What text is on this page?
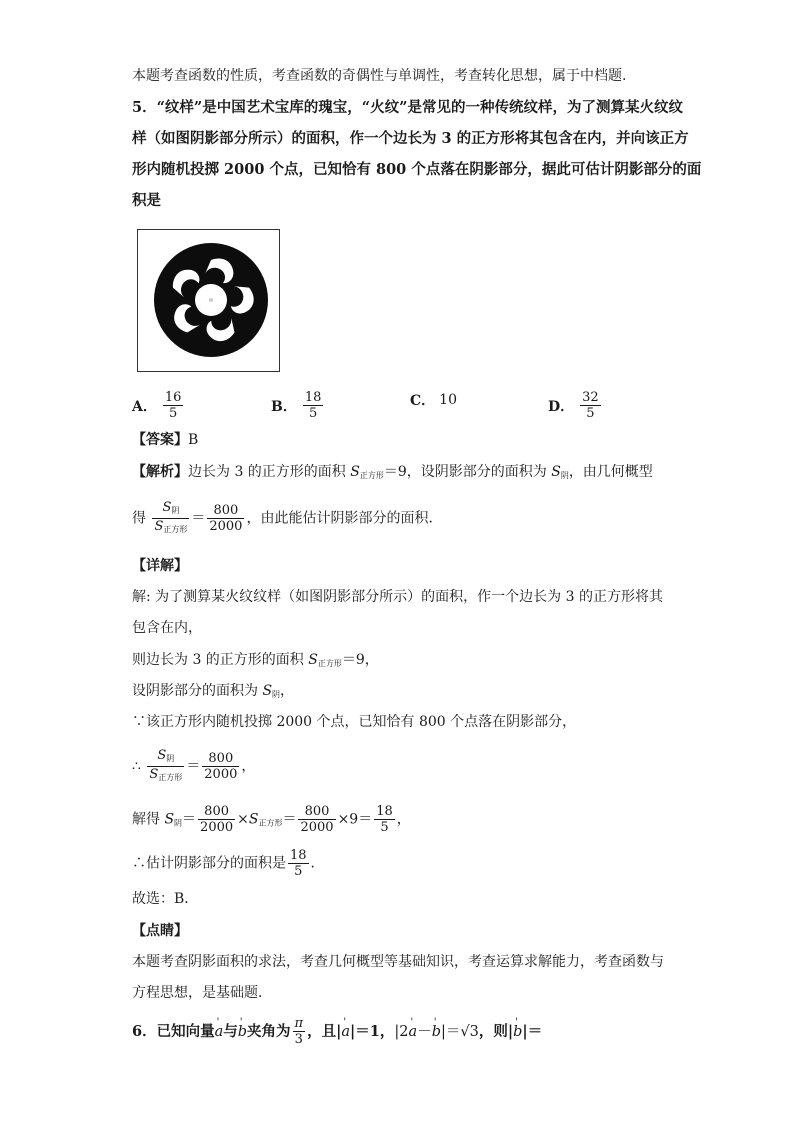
本题考查函数的性质，考查函数的奇偶性与单调性，考查转化思想，属于中档题.
5．“纹样”是中国艺术宝库的瑰宝，“火纹”是常见的一种传统纹样，为了测算某火纹纹
样（如图阴影部分所示）的面积，作一个边长为 3 的正方形将其包含在内，并向该正方
形内随机投掷 2000 个点，已知恰有 800 个点落在阴影部分，据此可估计阴影部分的面
积是
A． $\frac{16}{5}$	B． $\frac{18}{5}$	C． 10	D． $\frac{32}{5}$
【答案】B
【解析】边长为 3 的正方形的面积 $S_{正方形}=9$，设阴影部分的面积为 $S_阴$，由几何概型
得 $\frac{S_阴}{S_{正方形}} = \frac{800}{2000}$ ，由此能估计阴影部分的面积．
【详解】
解: 为了测算某火纹纹样（如图阴影部分所示）的面积，作一个边长为 3 的正方形将其
包含在内，
则边长为 3 的正方形的面积 $S_{正方形}=9$，
设阴影部分的面积为 $S_阴$，
∵该正方形内随机投掷 2000 个点，已知恰有 800 个点落在阴影部分，
∴ $\frac{S_阴}{S_{正方形}} = \frac{800}{2000}$ ，
解得 $S_阴= \frac{800}{2000} \times S_{正方形}= \frac{800}{2000} \times 9= \frac{18}{5}$ ，
∴估计阴影部分的面积是 $\frac{18}{5}$ ．
故选：B．
【点睛】
本题考查阴影面积的求法，考查几何概型等基础知识，考查运算求解能力，考查函数与
方程思想，是基础题．
6．已知向量 ' a 与 ' b 夹角为 $\frac{\pi}{3}$ ，且| ' a |＝1， |2 ' a － ' b |＝ √3 ，则| ' b |＝
